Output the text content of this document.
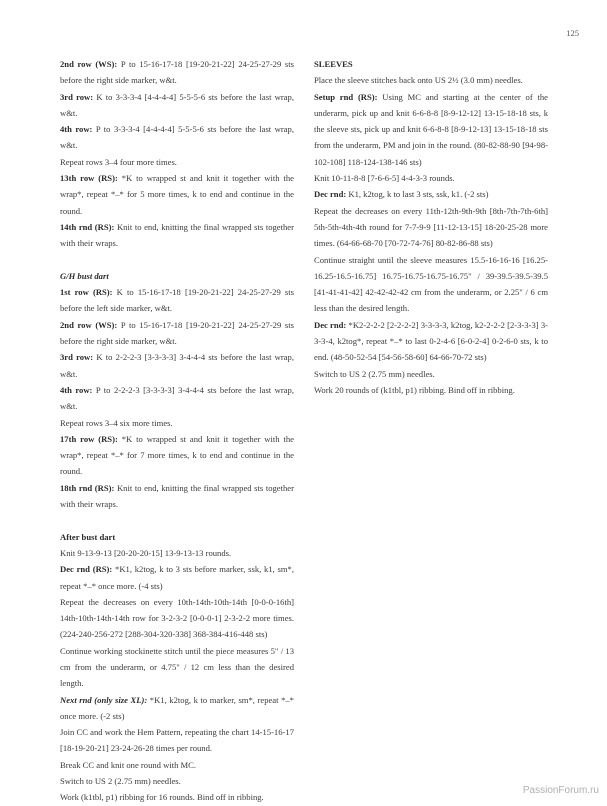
125

2nd row (WS): P to 15-16-17-18 [19-20-21-22] 24-25-27-29 sts before the right side marker, w&t.

3rd row: K to 3-3-3-4 [4-4-4-4] 5-5-5-6 sts before the last wrap, w&t.

4th row: P to 3-3-3-4 [4-4-4-4] 5-5-5-6 sts before the last wrap, w&t.

Repeat rows 3–4 four more times.

13th row (RS): *K to wrapped st and knit it together with the wrap*, repeat *–* for 5 more times, k to end and continue in the round.

14th rnd (RS): Knit to end, knitting the final wrapped sts together with their wraps.

G/H bust dart

1st row (RS): K to 15-16-17-18 [19-20-21-22] 24-25-27-29 sts before the left side marker, w&t.

2nd row (WS): P to 15-16-17-18 [19-20-21-22] 24-25-27-29 sts before the right side marker, w&t.

3rd row: K to 2-2-2-3 [3-3-3-3] 3-4-4-4 sts before the last wrap, w&t.

4th row: P to 2-2-2-3 [3-3-3-3] 3-4-4-4 sts before the last wrap, w&t.

Repeat rows 3–4 six more times.

17th row (RS): *K to wrapped st and knit it together with the wrap*, repeat *–* for 7 more times, k to end and continue in the round.

18th rnd (RS): Knit to end, knitting the final wrapped sts together with their wraps.

After bust dart

Knit 9-13-9-13 [20-20-20-15] 13-9-13-13 rounds.

Dec rnd (RS): *K1, k2tog, k to 3 sts before marker, ssk, k1, sm*, repeat *–* once more. (-4 sts)

Repeat the decreases on every 10th-14th-10th-14th [0-0-0-16th] 14th-10th-14th-14th row for 3-2-3-2 [0-0-0-1] 2-3-2-2 more times. (224-240-256-272 [288-304-320-338] 368-384-416-448 sts)

Continue working stockinette stitch until the piece measures 5" / 13 cm from the underarm, or 4.75" / 12 cm less than the desired length.

Next rnd (only size XL): *K1, k2tog, k to marker, sm*, repeat *–* once more. (-2 sts)

Join CC and work the Hem Pattern, repeating the chart 14-15-16-17 [18-19-20-21] 23-24-26-28 times per round.

Break CC and knit one round with MC.

Switch to US 2 (2.75 mm) needles.

Work (k1tbl, p1) ribbing for 16 rounds. Bind off in ribbing.

SLEEVES

Place the sleeve stitches back onto US 2½ (3.0 mm) needles.

Setup rnd (RS): Using MC and starting at the center of the underarm, pick up and knit 6-6-8-8 [8-9-12-12] 13-15-18-18 sts, k the sleeve sts, pick up and knit 6-6-8-8 [8-9-12-13] 13-15-18-18 sts from the underarm, PM and join in the round. (80-82-88-90 [94-98-102-108] 118-124-138-146 sts)

Knit 10-11-8-8 [7-6-6-5] 4-4-3-3 rounds.

Dec rnd: K1, k2tog, k to last 3 sts, ssk, k1. (-2 sts)

Repeat the decreases on every 11th-12th-9th-9th [8th-7th-7th-6th] 5th-5th-4th-4th round for 7-7-9-9 [11-12-13-15] 18-20-25-28 more times. (64-66-68-70 [70-72-74-76] 80-82-86-88 sts)

Continue straight until the sleeve measures 15.5-16-16-16 [16.25-16.25-16.5-16.75] 16.75-16.75-16.75-16.75" / 39-39.5-39.5-39.5 [41-41-41-42] 42-42-42-42 cm from the underarm, or 2.25" / 6 cm less than the desired length.

Dec rnd: *K2-2-2-2 [2-2-2-2] 3-3-3-3, k2tog, k2-2-2-2 [2-3-3-3] 3-3-3-4, k2tog*, repeat *–* to last 0-2-4-6 [6-0-2-4] 0-2-6-0 sts, k to end. (48-50-52-54 [54-56-58-60] 64-66-70-72 sts)

Switch to US 2 (2.75 mm) needles.

Work 20 rounds of (k1tbl, p1) ribbing. Bind off in ribbing.

PassionForum.ru
